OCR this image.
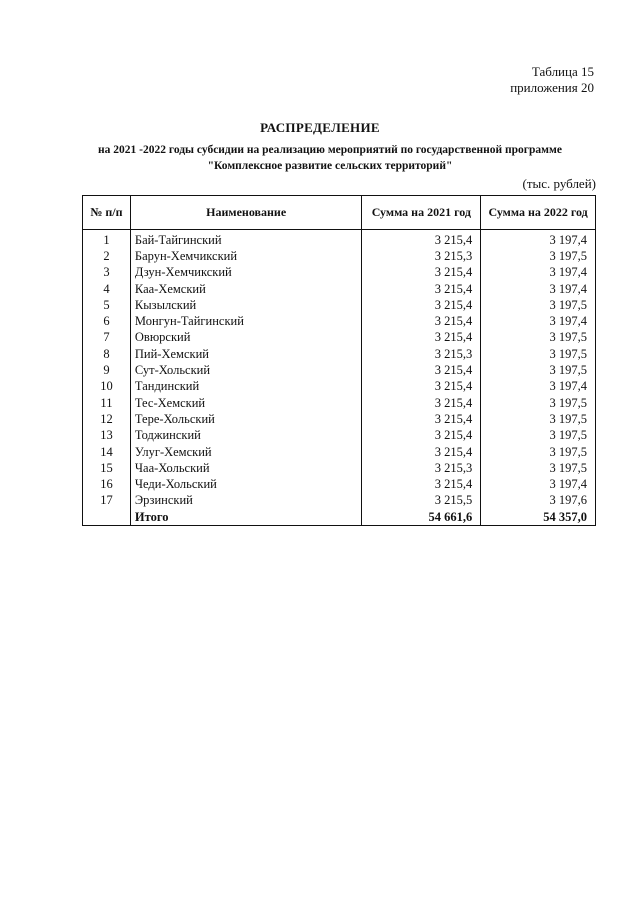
Таблица 15
приложения 20
РАСПРЕДЕЛЕНИЕ
на 2021 -2022 годы субсидии на реализацию мероприятий по государственной программе
"Комплексное развитие сельских территорий"
(тыс. рублей)
№ п/п	Наименование	Сумма на 2021 год	Сумма на 2022 год
1	Бай-Тайгинский	3 215,4	3 197,4
2	Барун-Хемчикский	3 215,3	3 197,5
3	Дзун-Хемчикский	3 215,4	3 197,4
4	Каа-Хемский	3 215,4	3 197,4
5	Кызылский	3 215,4	3 197,5
6	Монгун-Тайгинский	3 215,4	3 197,4
7	Овюрский	3 215,4	3 197,5
8	Пий-Хемский	3 215,3	3 197,5
9	Сут-Хольский	3 215,4	3 197,5
10	Тандинский	3 215,4	3 197,4
11	Тес-Хемский	3 215,4	3 197,5
12	Тере-Хольский	3 215,4	3 197,5
13	Тоджинский	3 215,4	3 197,5
14	Улуг-Хемский	3 215,4	3 197,5
15	Чаа-Хольский	3 215,3	3 197,5
16	Чеди-Хольский	3 215,4	3 197,4
17	Эрзинский	3 215,5	3 197,6
	Итого	54 661,6	54 357,0
